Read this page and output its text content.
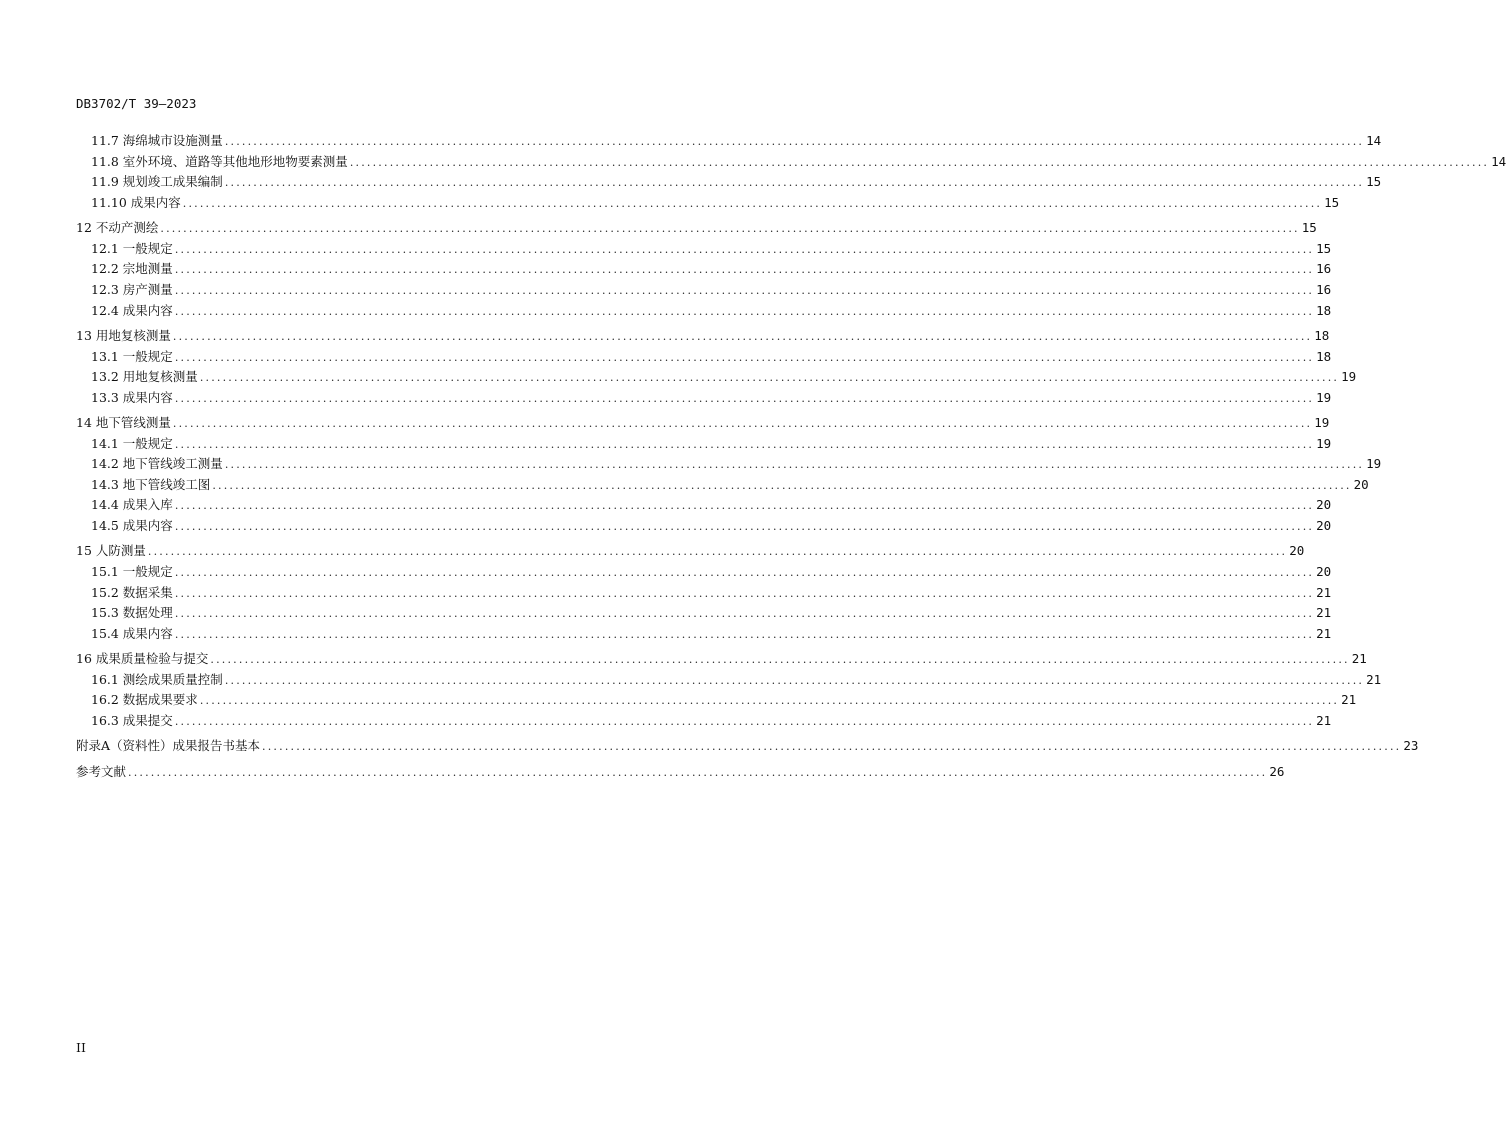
DB3702/T 39—2023
11.7 海绵城市设施测量 ........................................................................................................................................................................................................ 14
11.8 室外环境、道路等其他地形地物要素测量 ........................................................................................................................................................................................................ 14
11.9 规划竣工成果编制 ........................................................................................................................................................................................................ 15
11.10 成果内容 ........................................................................................................................................................................................................ 15
12 不动产测绘 ........................................................................................................................................................................................................ 15
12.1 一般规定 ........................................................................................................................................................................................................ 15
12.2 宗地测量 ........................................................................................................................................................................................................ 16
12.3 房产测量 ........................................................................................................................................................................................................ 16
12.4 成果内容 ........................................................................................................................................................................................................ 18
13 用地复核测量 ........................................................................................................................................................................................................ 18
13.1 一般规定 ........................................................................................................................................................................................................ 18
13.2 用地复核测量 ........................................................................................................................................................................................................ 19
13.3 成果内容 ........................................................................................................................................................................................................ 19
14 地下管线测量 ........................................................................................................................................................................................................ 19
14.1 一般规定 ........................................................................................................................................................................................................ 19
14.2 地下管线竣工测量 ........................................................................................................................................................................................................ 19
14.3 地下管线竣工图 ........................................................................................................................................................................................................ 20
14.4 成果入库 ........................................................................................................................................................................................................ 20
14.5 成果内容 ........................................................................................................................................................................................................ 20
15 人防测量 ........................................................................................................................................................................................................ 20
15.1 一般规定 ........................................................................................................................................................................................................ 20
15.2 数据采集 ........................................................................................................................................................................................................ 21
15.3 数据处理 ........................................................................................................................................................................................................ 21
15.4 成果内容 ........................................................................................................................................................................................................ 21
16 成果质量检验与提交 ........................................................................................................................................................................................................ 21
16.1 测绘成果质量控制 ........................................................................................................................................................................................................ 21
16.2 数据成果要求 ........................................................................................................................................................................................................ 21
16.3 成果提交 ........................................................................................................................................................................................................ 21
附录A（资料性）成果报告书基本 ........................................................................................................................................................................................................ 23
参考文献 ........................................................................................................................................................................................................ 26
II
